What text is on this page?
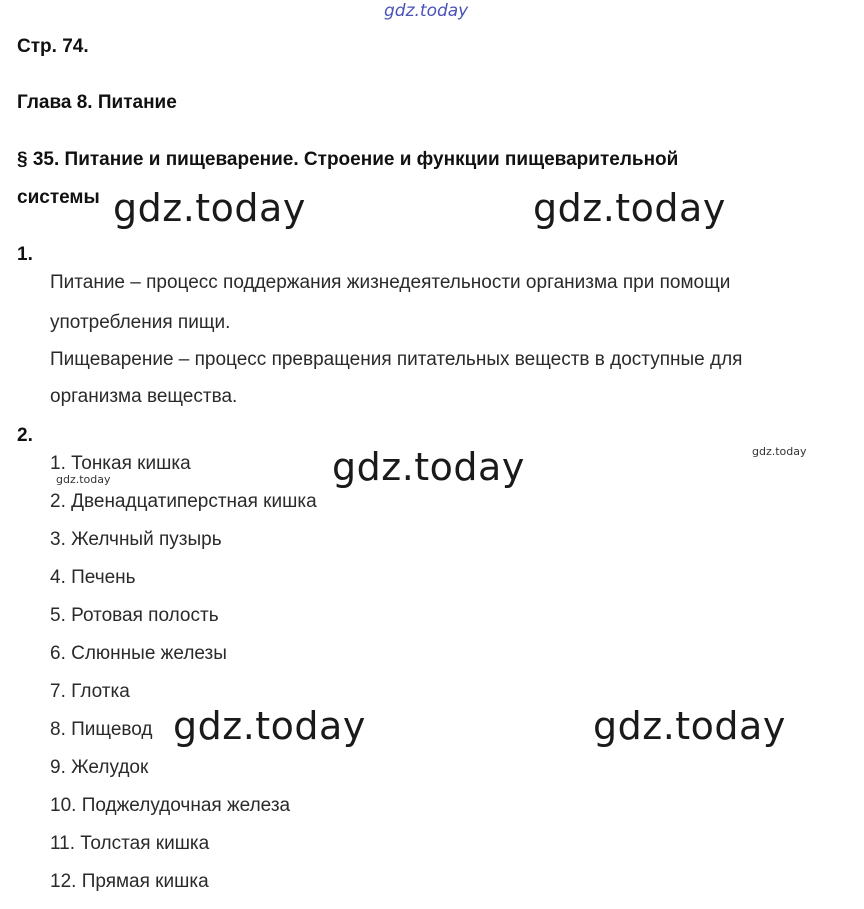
gdz.today
Стр. 74.
Глава 8. Питание
§ 35. Питание и пищеварение. Строение и функции пищеварительной
системы
1.
Питание – процесс поддержания жизнедеятельности организма при помощи
употребления пищи.
Пищеварение – процесс превращения питательных веществ в доступные для
организма вещества.
2.
1. Тонкая кишка
2. Двенадцатиперстная кишка
3. Желчный пузырь
4. Печень
5. Ротовая полость
6. Слюнные железы
7. Глотка
8. Пищевод
9. Желудок
10. Поджелудочная железа
11. Толстая кишка
12. Прямая кишка
gdz.today	gdz.today
gdz.today
gdz.today	gdz.today
gdz.today
gdz.today
